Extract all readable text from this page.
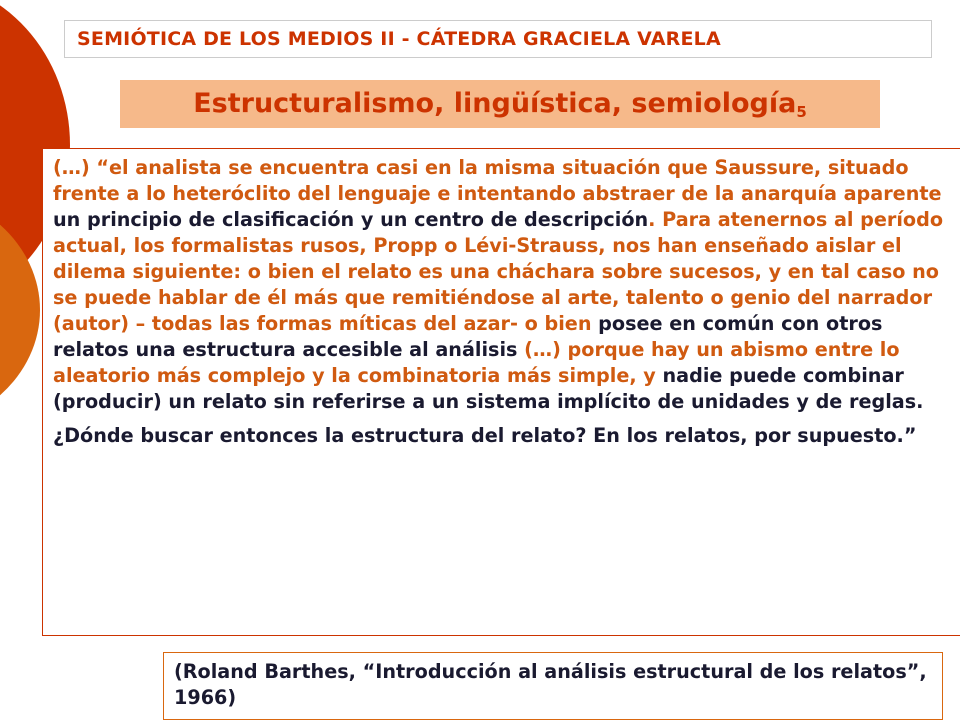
SEMIÓTICA DE LOS MEDIOS II - CÁTEDRA GRACIELA VARELA
Estructuralismo, lingüística, semiología$_5$

(…) “el analista se encuentra casi en la misma situación que Saussure, situado frente a lo heteróclito del lenguaje e intentando abstraer de la anarquía aparente un principio de clasificación y un centro de descripción. Para atenernos al período actual, los formalistas rusos, Propp o Lévi-Strauss, nos han enseñado aislar el dilema siguiente: o bien el relato es una cháchara sobre sucesos, y en tal caso no se puede hablar de él más que remitiéndose al arte, talento o genio del narrador (autor) – todas las formas míticas del azar- o bien posee en común con otros relatos una estructura accesible al análisis (…) porque hay un abismo entre lo aleatorio más complejo y la combinatoria más simple, y nadie puede combinar (producir) un relato sin referirse a un sistema implícito de unidades y de reglas.

¿Dónde buscar entonces la estructura del relato? En los relatos, por supuesto.”

(Roland Barthes, “Introducción al análisis estructural de los relatos”, 1966)
